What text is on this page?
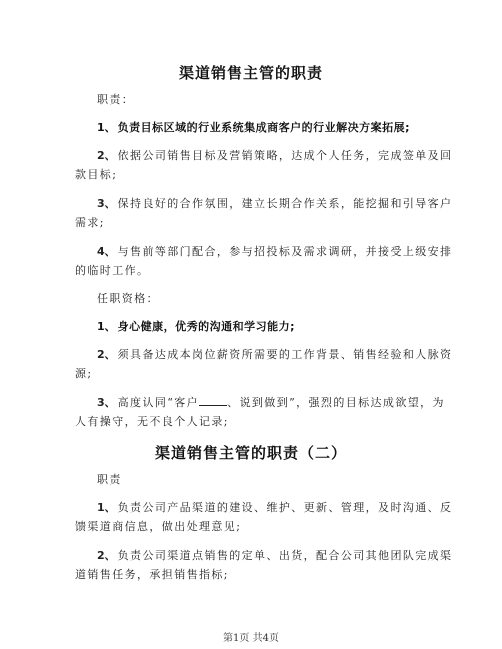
渠道销售主管的职责
职责：
1、 负责目标区域的行业系统集成商客户的行业解决方案拓展;
2、 依据公司销售目标及营销策略，达成个人任务，完成签单及回
款目标;
3、 保持良好的合作氛围，建立长期合作关系，能挖掘和引导客户
需求;
4、 与售前等部门配合，参与招投标及需求调研，并接受上级安排
的临时工作。
任职资格：
1、 身心健康，优秀的沟通和学习能力;
2、 须具备达成本岗位薪资所需要的工作背景、销售经验和人脉资
源;
3、 高度认同“客户	、说到做到”，强烈的目标达成欲望，为
人有操守，无不良个人记录;
渠道销售主管的职责（二）
职责
1、 负责公司产品渠道的建设、维护、更新、管理，及时沟通、反
馈渠道商信息，做出处理意见;
2、 负责公司渠道点销售的定单、出货，配合公司其他团队完成渠
道销售任务，承担销售指标;
第1页 共4页
